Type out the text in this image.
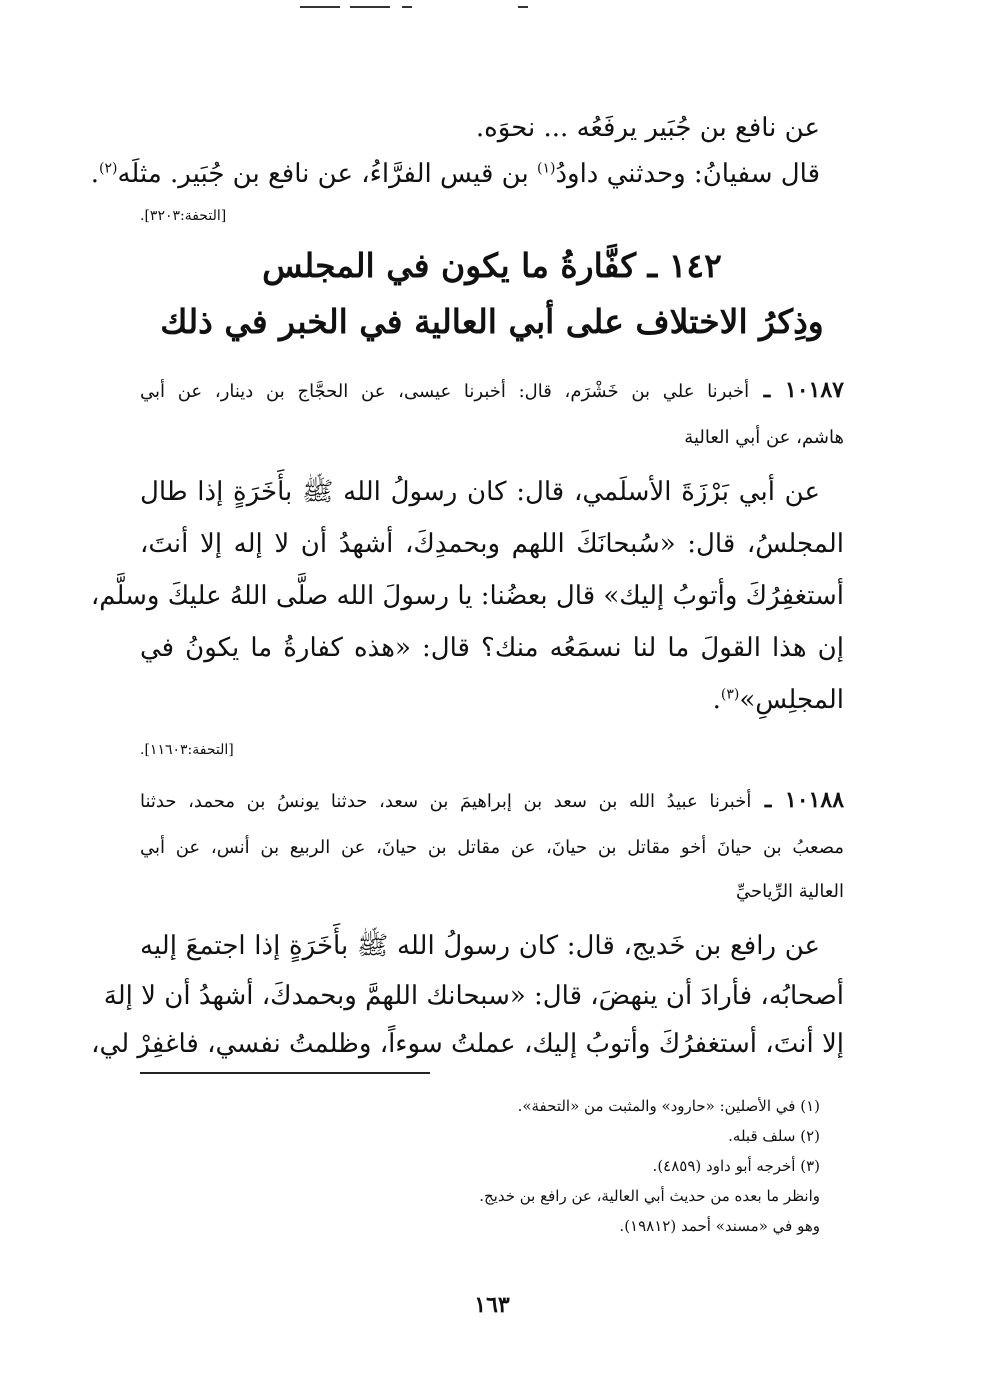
عن نافع بن جُبَير يرفَعُه ... نحوَه.
قال سفيانُ: وحدثني داودُ$^{(١)}$ بن قيس الفرَّاءُ، عن نافع بن جُبَير. مثلَه$^{(٢)}$.
[التحفة:٣٢٠٣].
١٤٢ ـ كفَّارةُ ما يكون في المجلس
وذِكرُ الاختلاف على أبي العالية في الخبر في ذلك
١٠١٨٧ ـ أخبرنا علي بن خَشْرَم، قال: أخبرنا عيسى، عن الحجَّاج بن دينار، عن أبي
هاشم، عن أبي العالية
عن أبي بَرْزَةَ الأسلَمي، قال: كان رسولُ الله ﷺ بأَخَرَةٍ إذا طال
المجلسُ، قال: «سُبحانَكَ اللهم وبحمدِكَ، أشهدُ أن لا إله إلا أنتَ،
أستغفِرُكَ وأتوبُ إليك» قال بعضُنا: يا رسولَ الله صلَّى اللهُ عليكَ وسلَّم،
إن هذا القولَ ما لنا نسمَعُه منك؟ قال: «هذه كفارةُ ما يكونُ في
المجلِسِ»$^{(٣)}$.
[التحفة:١١٦٠٣].
١٠١٨٨ ـ أخبرنا عبيدُ الله بن سعد بن إبراهيمَ بن سعد، حدثنا يونسُ بن محمد، حدثنا
مصعبُ بن حيانَ أخو مقاتل بن حيانَ، عن مقاتل بن حيانَ، عن الربيع بن أنس، عن أبي
العالية الرِّياحيِّ
عن رافع بن خَديج، قال: كان رسولُ الله ﷺ بأَخَرَةٍ إذا اجتمعَ إليه
أصحابُه، فأرادَ أن ينهضَ، قال: «سبحانك اللهمَّ وبحمدكَ، أشهدُ أن لا إلهَ
إلا أنتَ، أستغفرُكَ وأتوبُ إليك، عملتُ سوءاً، وظلمتُ نفسي، فاغفِرْ لي،
(١) في الأصلين: «حارود» والمثبت من «التحفة».
(٢) سلف قبله.
(٣) أخرجه أبو داود (٤٨٥٩).
وانظر ما بعده من حديث أبي العالية، عن رافع بن خديج.
وهو في «مسند» أحمد (١٩٨١٢).
١٦٣
